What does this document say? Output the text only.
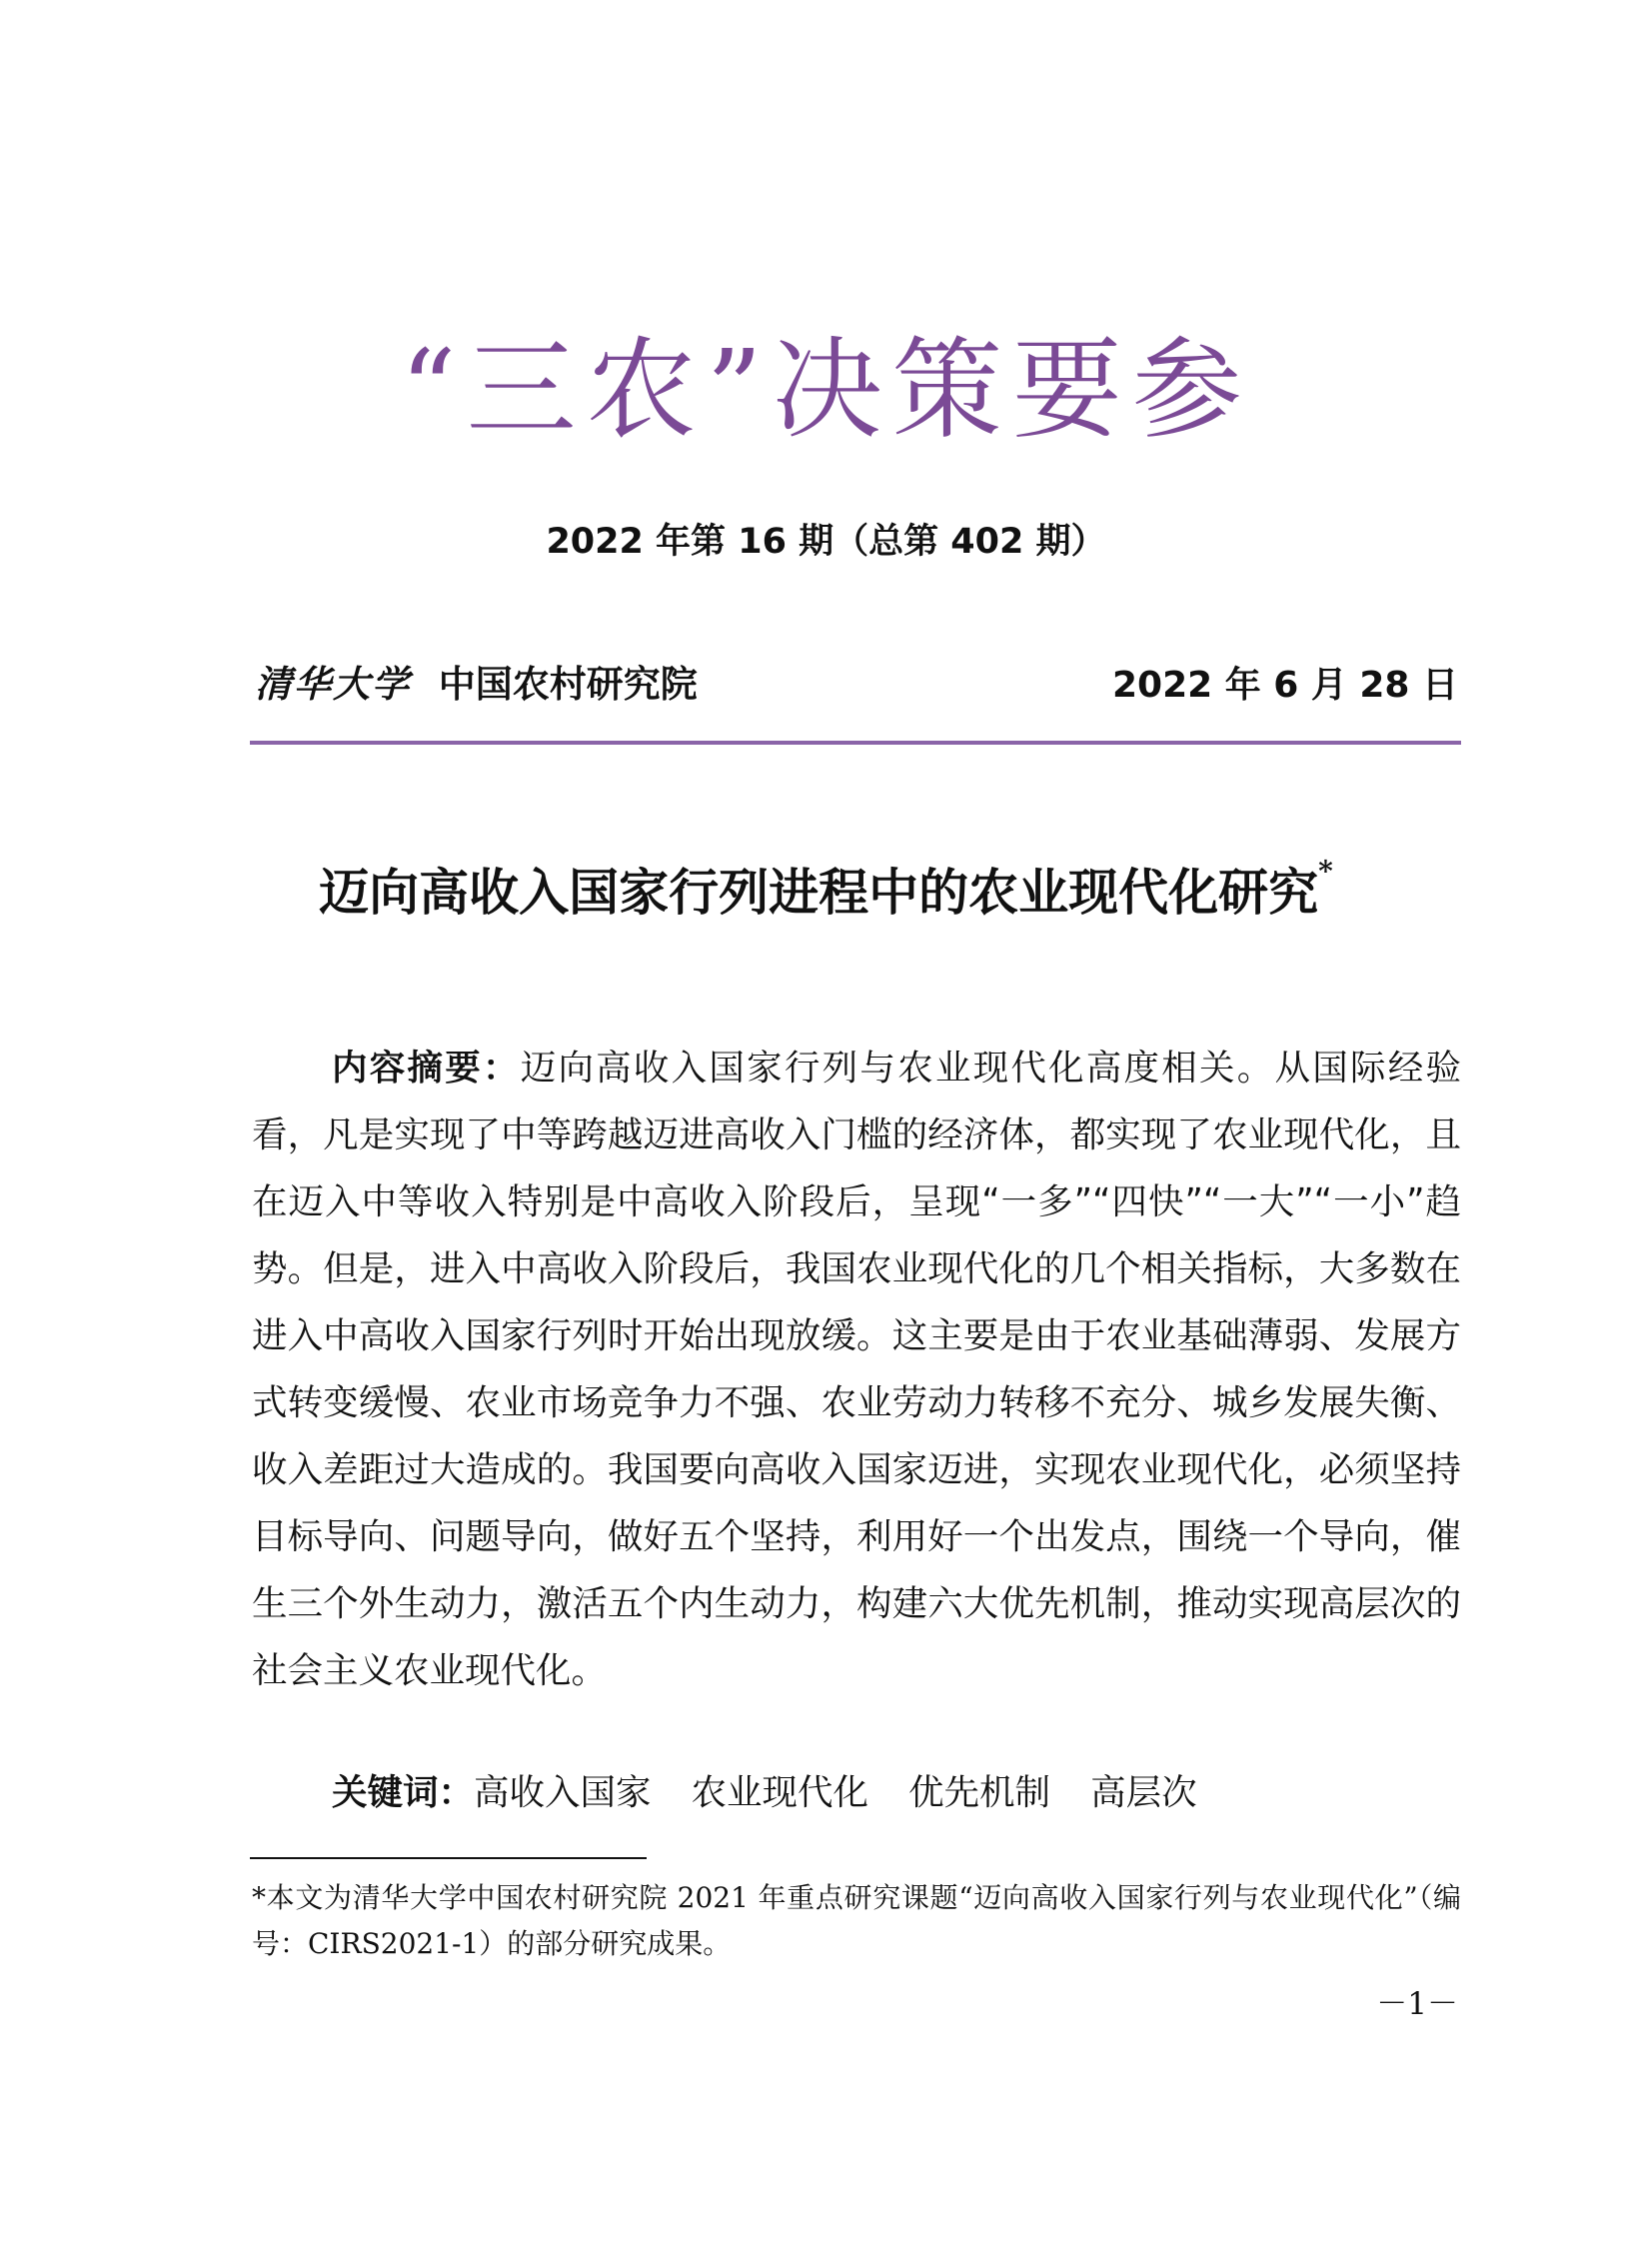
“三农”决策要参
2022 年第 16 期（总第 402 期）
清华大学 中国农村研究院	2022 年 6 月 28 日
迈向高收入国家行列进程中的农业现代化研究*

内容摘要：迈向高收入国家行列与农业现代化高度相关。从国际经验看，凡是实现了中等跨越迈进高收入门槛的经济体，都实现了农业现代化，且在迈入中等收入特别是中高收入阶段后，呈现“一多”“四快”“一大”“一小”趋势。但是，进入中高收入阶段后，我国农业现代化的几个相关指标，大多数在进入中高收入国家行列时开始出现放缓。这主要是由于农业基础薄弱、发展方式转变缓慢、农业市场竞争力不强、农业劳动力转移不充分、城乡发展失衡、收入差距过大造成的。我国要向高收入国家迈进，实现农业现代化，必须坚持目标导向、问题导向，做好五个坚持，利用好一个出发点，围绕一个导向，催生三个外生动力，激活五个内生动力，构建六大优先机制，推动实现高层次的社会主义农业现代化。

关键词：高收入国家 农业现代化 优先机制 高层次

*本文为清华大学中国农村研究院 2021 年重点研究课题“迈向高收入国家行列与农业现代化”（编号：CIRS2021-1）的部分研究成果。

－1－
